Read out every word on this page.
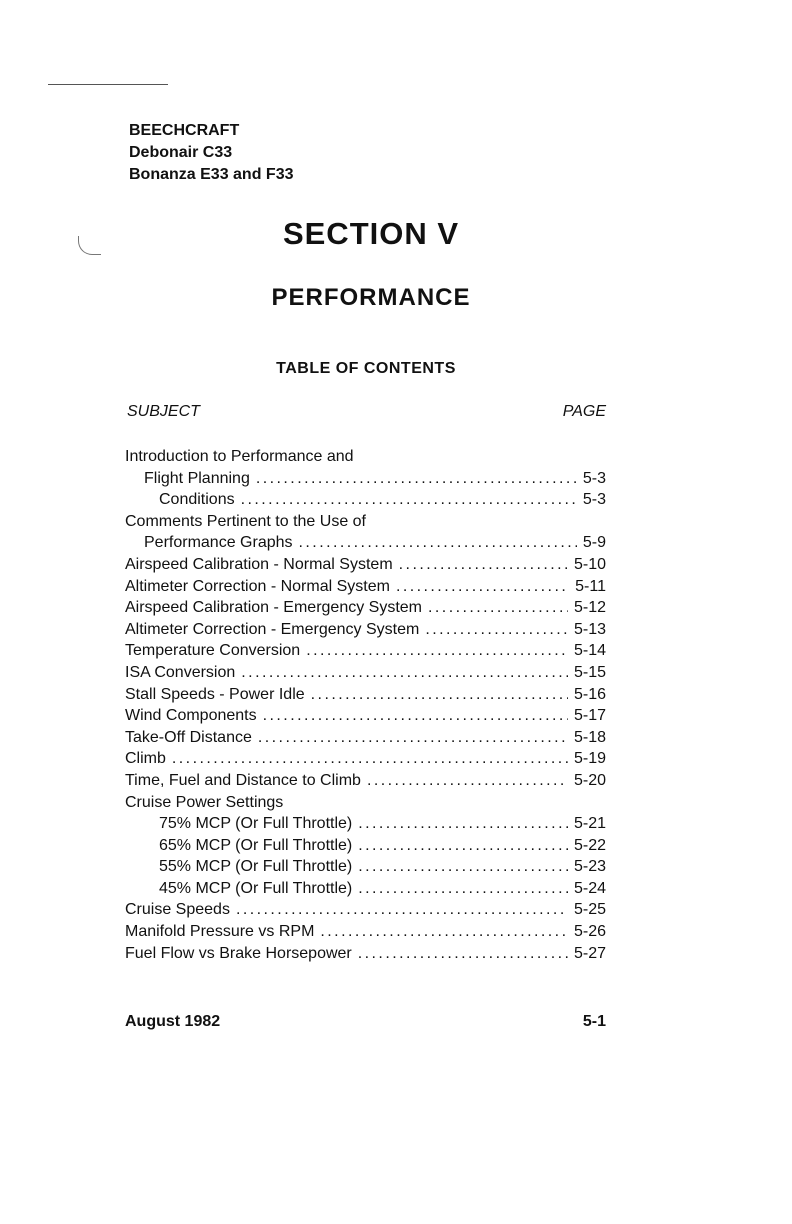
BEECHCRAFT
Debonair C33
Bonanza E33 and F33
SECTION V
PERFORMANCE
TABLE OF CONTENTS
SUBJECT	PAGE
Introduction to Performance and
Flight Planning . . .	5-3
Conditions . . .	5-3
Comments Pertinent to the Use of
Performance Graphs . . .	5-9
Airspeed Calibration - Normal System . . .	5-10
Altimeter Correction - Normal System . . .	5-11
Airspeed Calibration - Emergency System . . .	5-12
Altimeter Correction - Emergency System . . .	5-13
Temperature Conversion . . .	5-14
ISA Conversion . . .	5-15
Stall Speeds - Power Idle . . .	5-16
Wind Components . . .	5-17
Take-Off Distance . . .	5-18
Climb . . .	5-19
Time, Fuel and Distance to Climb . . .	5-20
Cruise Power Settings
75% MCP (Or Full Throttle) . . .	5-21
65% MCP (Or Full Throttle) . . .	5-22
55% MCP (Or Full Throttle) . . .	5-23
45% MCP (Or Full Throttle) . . .	5-24
Cruise Speeds . . .	5-25
Manifold Pressure vs RPM . . .	5-26
Fuel Flow vs Brake Horsepower . . .	5-27
August 1982	5-1
